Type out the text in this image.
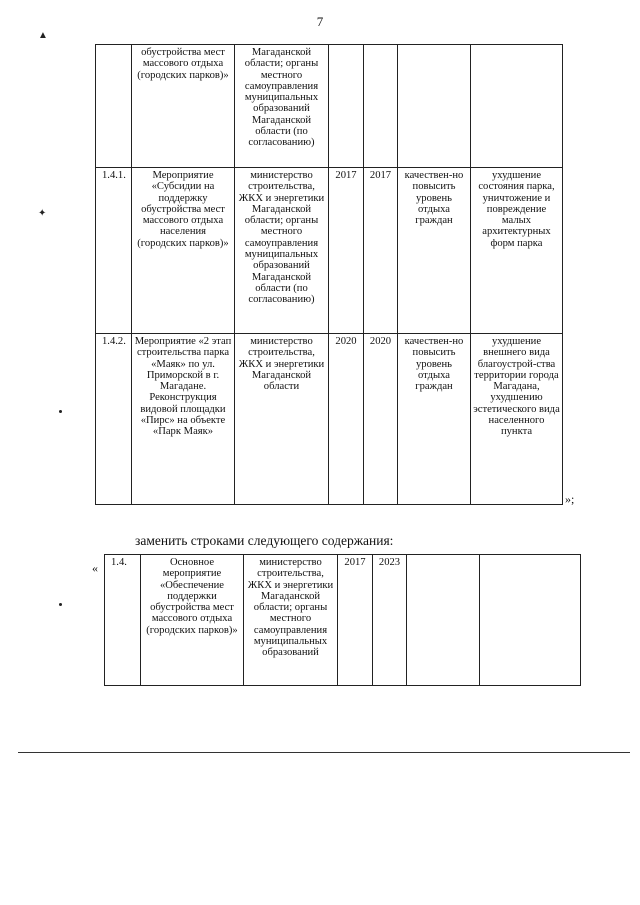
7
▲
✦
	обустройства мест массового отдыха (городских парков)»	Магаданской области; органы местного самоуправления муниципальных образований Магаданской области (по согласованию)				
1.4.1.	Мероприятие «Субсидии на поддержку обустройства мест массового отдыха населения (городских парков)»	министерство строительства, ЖКХ и энергетики Магаданской области; органы местного самоуправления муниципальных образований Магаданской области (по согласованию)	2017	2017	качествен-но повысить уровень отдыха граждан	ухудшение состояния парка, уничтожение и повреждение малых архитектурных форм парка
1.4.2.	Мероприятие «2 этап строительства парка «Маяк» по ул. Приморской в г. Магадане. Реконструкция видовой площадки «Пирс» на объекте «Парк Маяк»	министерство строительства, ЖКХ и энергетики Магаданской области	2020	2020	качествен-но повысить уровень отдыха граждан	ухудшение внешнего вида благоустрой-ства территории города Магадана, ухудшению эстетического вида населенного пункта
»;
заменить строками следующего содержания:
« 1.4.	Основное мероприятие «Обеспечение поддержки обустройства мест массового отдыха (городских парков)»	министерство строительства, ЖКХ и энергетики Магаданской области; органы местного самоуправления муниципальных образований	2017	2023		
